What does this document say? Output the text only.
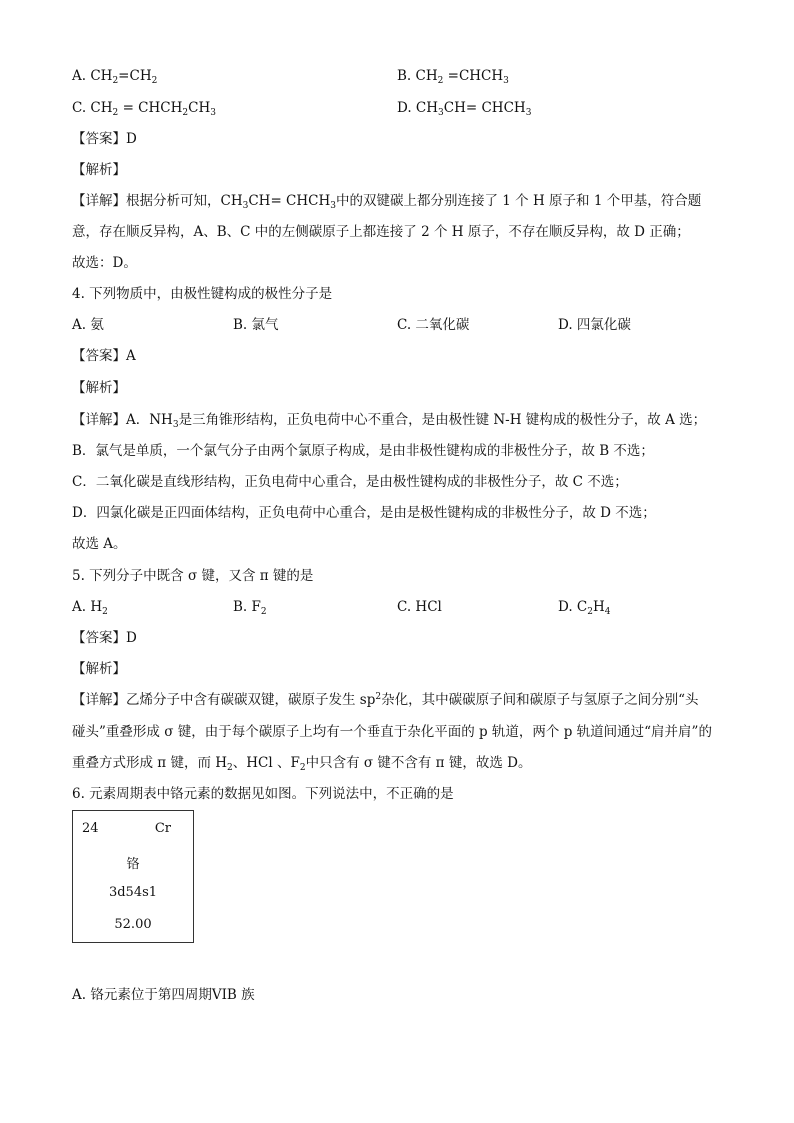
A. $CH_2=CH_2$	B. $CH_2$ $=CHCH_3$
C. $CH_2$ = $CHCH_2CH_3$	D. $CH_3CH=$ $CHCH_3$
【答案】D
【解析】
【详解】根据分析可知，$CH_3CH=$ $CHCH_3$中的双键碳上都分别连接了 1 个 H 原子和 1 个甲基，符合题
意，存在顺反异构，A、B、C 中的左侧碳原子上都连接了 2 个 H 原子，不存在顺反异构，故 D 正确；
故选：D。
4. 下列物质中，由极性键构成的极性分子是
A. 氨	B. 氯气	C. 二氧化碳	D. 四氯化碳
【答案】A
【解析】
【详解】A．$NH_3$是三角锥形结构，正负电荷中心不重合，是由极性键 N-H 键构成的极性分子，故 A 选；
B．氯气是单质，一个氯气分子由两个氯原子构成，是由非极性键构成的非极性分子，故 B 不选；
C．二氧化碳是直线形结构，正负电荷中心重合，是由极性键构成的非极性分子，故 C 不选；
D．四氯化碳是正四面体结构，正负电荷中心重合，是由是极性键构成的非极性分子，故 D 不选；
故选 A。
5. 下列分子中既含 σ 键，又含 π 键的是
A. $H_2$	B. $F_2$	C. HCl	D. $C_2H_4$
【答案】D
【解析】
【详解】乙烯分子中含有碳碳双键，碳原子发生 $sp^2$杂化，其中碳碳原子间和碳原子与氢原子之间分别“头
碰头”重叠形成 σ 键，由于每个碳原子上均有一个垂直于杂化平面的 p 轨道，两个 p 轨道间通过“肩并肩”的
重叠方式形成 π 键，而 $H_2$、HCl 、$F_2$中只含有 σ 键不含有 π 键，故选 D。
6. 元素周期表中铬元素的数据见如图。下列说法中，不正确的是
24	Cr
铬
3d54s1
52.00
A. 铬元素位于第四周期VIB 族
